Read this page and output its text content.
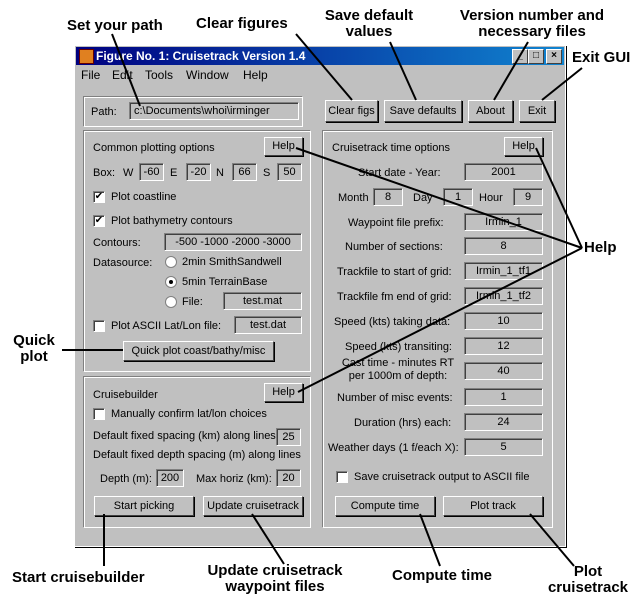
Set your path Clear figures	Save default
values
Version number and
necessary files
Exit GUI
Help
Quick
plot
Start cruisebuilder	Update cruisetrack
waypoint files
Compute time	Plot
cruisetrack
Figure No. 1: Cruisetrack Version 1.4	_	□	×
File Edit Tools Window Help
Path:	c:\Documents\whoi\irminger	Clear figs	Save defaults	About	Exit
Common plotting options	Help
Box: W -60 E	-20 N	66	S	50
✔ Plot coastline
✔ Plot bathymetry contours
Contours:	-500 -1000 -2000 -3000
Datasource:	2min SmithSandwell
5min TerrainBase
File:	test.mat
Plot ASCII Lat/Lon file:	test.dat
Quick plot coast/bathy/misc
Cruisebuilder	Help
Manually confirm lat/lon choices
Default fixed spacing (km) along lines 25
Default fixed depth spacing (m) along lines
Depth (m): 200	Max horiz (km): 20
Start picking	Update cruisetrack
Cruisetrack time options	Help
Start date - Year:	2001
Month	8	Day	1	Hour	9
Waypoint file prefix:	Irmin_1
Number of sections:	8
Trackfile to start of grid:	Irmin_1_tf1
Trackfile fm end of grid:	Irmin_1_tf2
Speed (kts) taking data:	10
Speed (kts) transiting:	12
Cast time - minutes RT
per 1000m of depth:	40
Number of misc events:	1
Duration (hrs) each:	24
Weather days (1 f/each X):	5
Save cruisetrack output to ASCII file
Compute time	Plot track
